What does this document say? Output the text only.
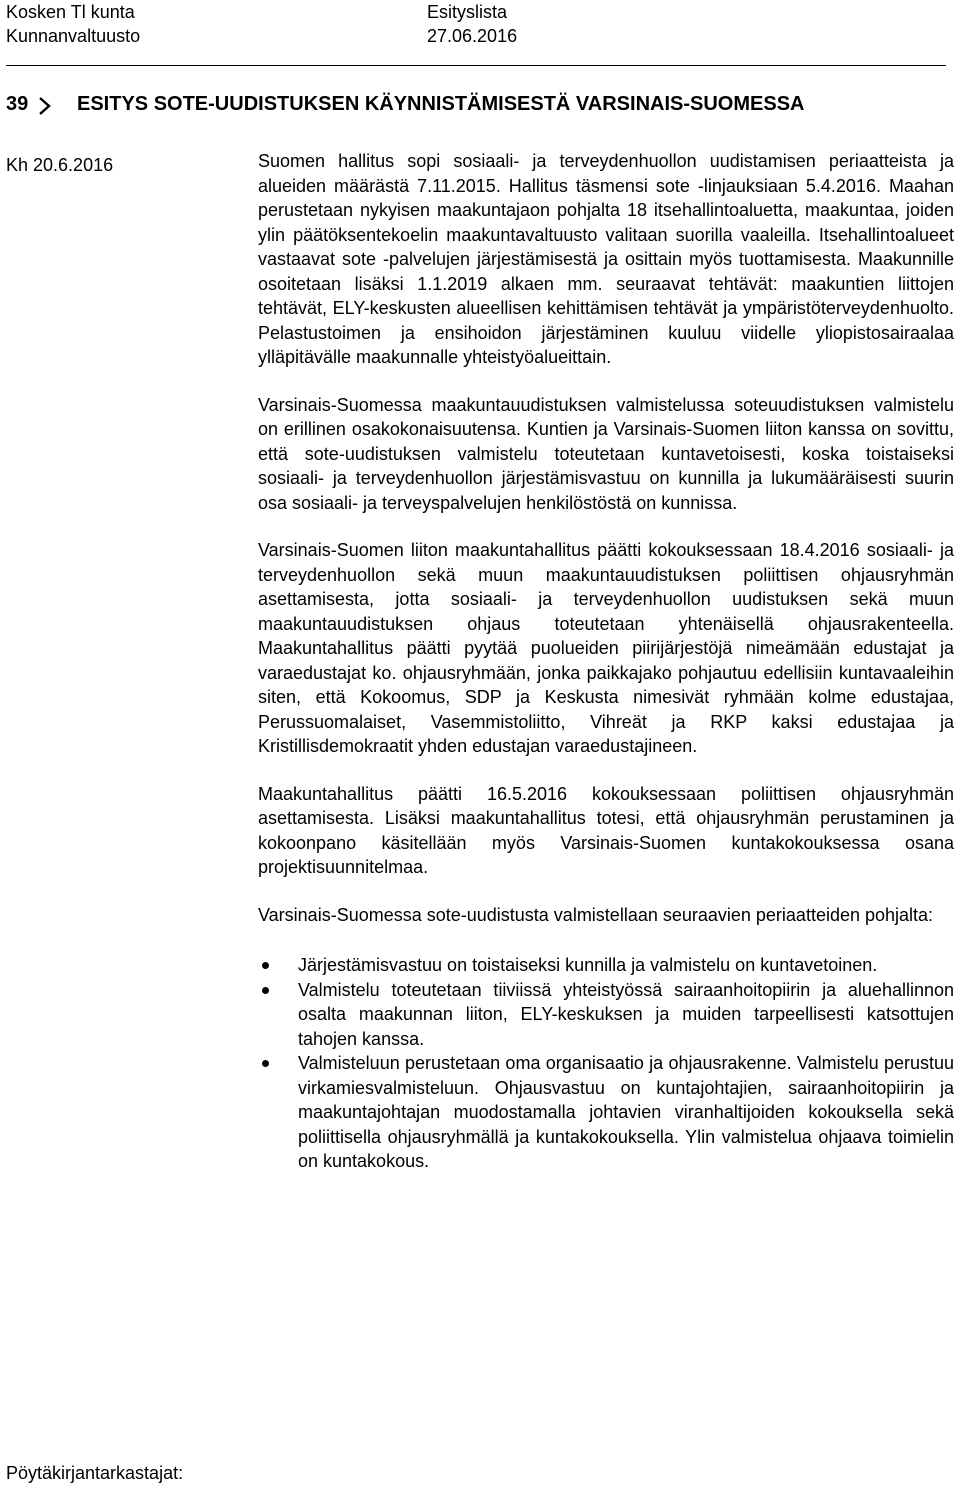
Kosken Tl kunta
Kunnanvaltuusto
Esityslista
27.06.2016
39 ESITYS SOTE-UUDISTUKSEN KÄYNNISTÄMISESTÄ VARSINAIS-SUOMESSA
Kh 20.6.2016	Suomen hallitus sopi sosiaali- ja terveydenhuollon uudistamisen periaatteista ja alueiden määrästä 7.11.2015. Hallitus täsmensi sote -linjauksiaan 5.4.2016. Maahan perustetaan nykyisen maakuntajaon pohjalta 18 itsehallintoaluetta, maakuntaa, joiden ylin päätöksentekoelin maakuntavaltuusto valitaan suorilla vaaleilla. Itsehallintoalueet vastaavat sote -palvelujen järjestämisestä ja osittain myös tuottamisesta. Maakunnille osoitetaan lisäksi 1.1.2019 alkaen mm. seuraavat tehtävät: maakuntien liittojen tehtävät, ELY-keskusten alueellisen kehittämisen tehtävät ja ympäristöterveydenhuolto. Pelastustoimen ja ensihoidon järjestäminen kuuluu viidelle yliopistosairaalaa ylläpitävälle maakunnalle yhteistyöalueittain.

Varsinais-Suomessa maakuntauudistuksen valmistelussa soteuudistuksen valmistelu on erillinen osakokonaisuutensa. Kuntien ja Varsinais-Suomen liiton kanssa on sovittu, että sote-uudistuksen valmistelu toteutetaan kuntavetoisesti, koska toistaiseksi sosiaali- ja terveydenhuollon järjestämisvastuu on kunnilla ja lukumääräisesti suurin osa sosiaali- ja terveyspalvelujen henkilöstöstä on kunnissa.

Varsinais-Suomen liiton maakuntahallitus päätti kokouksessaan 18.4.2016 sosiaali- ja terveydenhuollon sekä muun maakuntauudistuksen poliittisen ohjausryhmän asettamisesta, jotta sosiaali- ja terveydenhuollon uudistuksen sekä muun maakuntauudistuksen ohjaus toteutetaan yhtenäisellä ohjausrakenteella. Maakuntahallitus päätti pyytää puolueiden piirijärjestöjä nimeämään edustajat ja varaedustajat ko. ohjausryhmään, jonka paikkajako pohjautuu edellisiin kuntavaaleihin siten, että Kokoomus, SDP ja Keskusta nimesivät ryhmään kolme edustajaa, Perussuomalaiset, Vasemmistoliitto, Vihreät ja RKP kaksi edustajaa ja Kristillisdemokraatit yhden edustajan varaedustajineen.

Maakuntahallitus päätti 16.5.2016 kokouksessaan poliittisen ohjausryhmän asettamisesta. Lisäksi maakuntahallitus totesi, että ohjausryhmän perustaminen ja kokoonpano käsitellään myös Varsinais-Suomen kuntakokouksessa osana projektisuunnitelmaa.

Varsinais-Suomessa sote-uudistusta valmistellaan seuraavien periaatteiden pohjalta:

Järjestämisvastuu on toistaiseksi kunnilla ja valmistelu on kuntavetoinen.
Valmistelu toteutetaan tiiviissä yhteistyössä sairaanhoitopiirin ja aluehallinnon osalta maakunnan liiton, ELY-keskuksen ja muiden tarpeellisesti katsottujen tahojen kanssa.
Valmisteluun perustetaan oma organisaatio ja ohjausrakenne. Valmistelu perustuu virkamiesvalmisteluun. Ohjausvastuu on kuntajohtajien, sairaanhoitopiirin ja maakuntajohtajan muodostamalla johtavien viranhaltijoiden kokouksella sekä poliittisella ohjausryhmällä ja kuntakokouksella. Ylin valmistelua ohjaava toimielin on kuntakokous.
Pöytäkirjantarkastajat:
